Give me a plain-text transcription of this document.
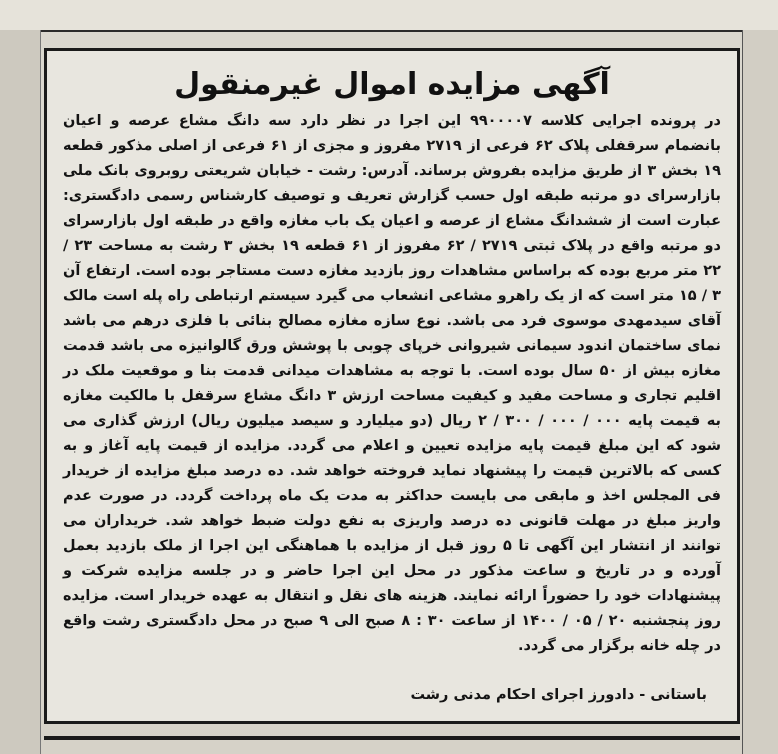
آگهی مزایده اموال غیرمنقول

در پرونده اجرایی کلاسه ۹۹۰۰۰۰۷ این اجرا در نظر دارد سه دانگ مشاع عرصه و اعیان بانضمام سرقفلی پلاک ۶۲ فرعی از ۲۷۱۹ مفروز و مجزی از ۶۱ فرعی از اصلی مذکور قطعه ۱۹ بخش ۳ از طریق مزایده بفروش برساند. آدرس: رشت - خیابان شریعتی روبروی بانک ملی بازارسرای دو مرتبه طبقه اول حسب گزارش تعریف و توصیف کارشناس رسمی دادگستری: عبارت است از ششدانگ مشاع از عرصه و اعیان یک باب مغازه واقع در طبقه اول بازارسرای دو مرتبه واقع در پلاک ثبتی ۲۷۱۹ / ۶۲ مفروز از ۶۱ قطعه ۱۹ بخش ۳ رشت به مساحت ۲۳ / ۲۲ متر مربع بوده که براساس مشاهدات روز بازدید مغازه دست مستاجر بوده است. ارتفاع آن ۳ / ۱۵ متر است که از یک راهرو مشاعی انشعاب می گیرد سیستم ارتباطی راه پله است مالک آقای سیدمهدی موسوی فرد می باشد. نوع سازه مغازه مصالح بنائی با فلزی درهم می باشد نمای ساختمان اندود سیمانی شیروانی خرپای چوبی با پوشش ورق گالوانیزه می باشد قدمت مغازه بیش از ۵۰ سال بوده است. با توجه به مشاهدات میدانی قدمت بنا و موقعیت ملک در اقلیم تجاری و مساحت مفید و کیفیت مساحت ارزش ۳ دانگ مشاع سرقفل با مالکیت مغازه به قیمت پایه ۰۰۰ / ۰۰۰ / ۳۰۰ / ۲ ریال (دو میلیارد و سیصد میلیون ریال) ارزش گذاری می شود که این مبلغ قیمت پایه مزایده تعیین و اعلام می گردد. مزایده از قیمت پایه آغاز و به کسی که بالاترین قیمت را پیشنهاد نماید فروخته خواهد شد. ده درصد مبلغ مزایده از خریدار فی المجلس اخذ و مابقی می بایست حداکثر به مدت یک ماه پرداخت گردد. در صورت عدم واریز مبلغ در مهلت قانونی ده درصد واریزی به نفع دولت ضبط خواهد شد. خریداران می توانند از انتشار این آگهی تا ۵ روز قبل از مزایده با هماهنگی این اجرا از ملک بازدید بعمل آورده و در تاریخ و ساعت مذکور در محل این اجرا حاضر و در جلسه مزایده شرکت و پیشنهادات خود را حضوراً ارائه نمایند. هزینه های نقل و انتقال به عهده خریدار است. مزایده روز پنجشنبه ۲۰ / ۰۵ / ۱۴۰۰ از ساعت ۳۰ : ۸ صبح الی ۹ صبح در محل دادگستری رشت واقع در چله خانه برگزار می گردد.

باستانی - دادورز اجرای احکام مدنی رشت
